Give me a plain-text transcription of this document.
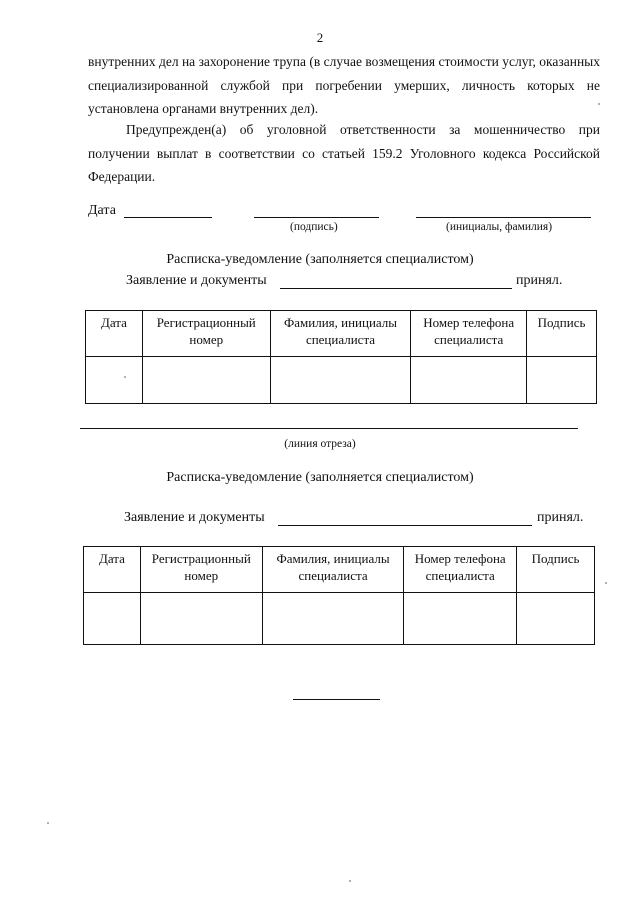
2
внутренних дел на захоронение трупа (в случае возмещения стоимости услуг, оказанных специализированной службой при погребении умерших, личность которых не установлена органами внутренних дел).
Предупрежден(а) об уголовной ответственности за мошенничество при получении выплат в соответствии со статьей 159.2 Уголовного кодекса Российской Федерации.
Дата
(подпись)	(инициалы, фамилия)
Расписка-уведомление (заполняется специалистом)
Заявление и документы	принял.
Дата	Регистрационный номер	Фамилия, инициалы специалиста	Номер телефона специалиста	Подпись

(линия отреза)
Расписка-уведомление (заполняется специалистом)
Заявление и документы	принял.
Дата	Регистрационный номер	Фамилия, инициалы специалиста	Номер телефона специалиста	Подпись
